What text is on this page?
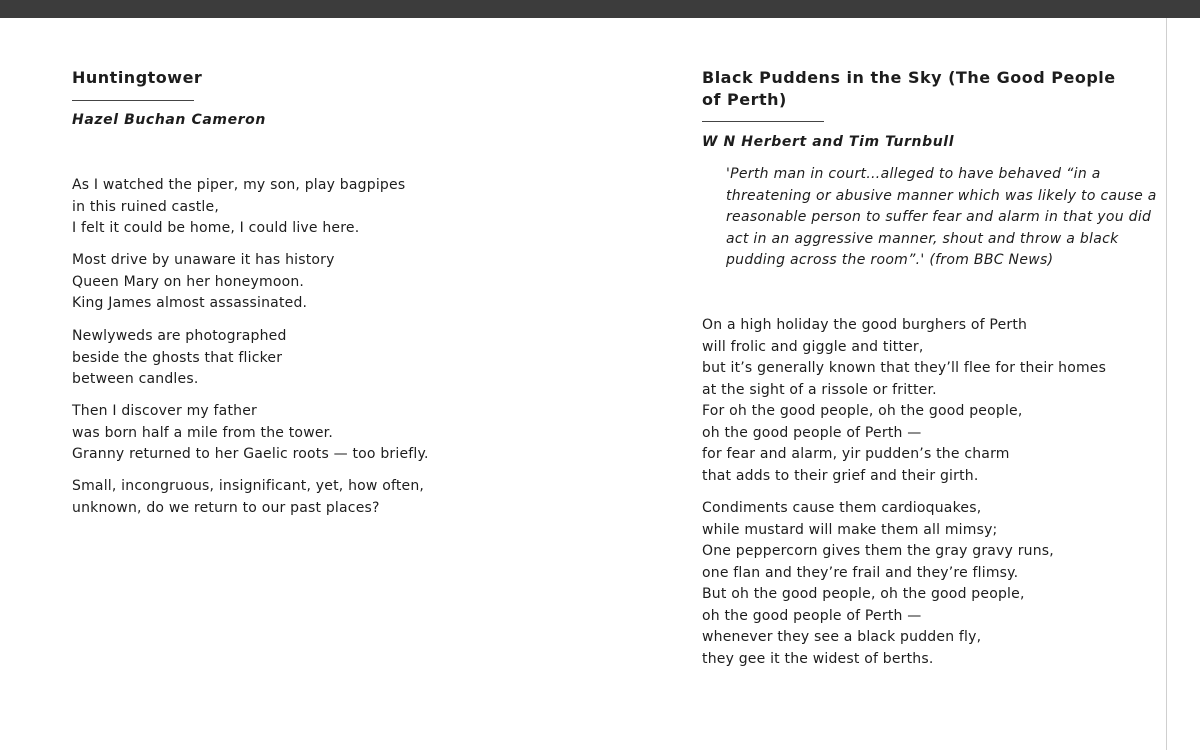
Huntingtower

Hazel Buchan Cameron

As I watched the piper, my son, play bagpipes
in this ruined castle,
I felt it could be home, I could live here.
Most drive by unaware it has history
Queen Mary on her honeymoon.
King James almost assassinated.
Newlyweds are photographed
beside the ghosts that flicker
between candles.
Then I discover my father
was born half a mile from the tower.
Granny returned to her Gaelic roots — too briefly.
Small, incongruous, insignificant, yet, how often,
unknown, do we return to our past places?
Black Puddens in the Sky (The Good People
of Perth)

W N Herbert and Tim Turnbull

'Perth man in court…alleged to have behaved “in a
threatening or abusive manner which was likely to cause a
reasonable person to suffer fear and alarm in that you did
act in an aggressive manner, shout and throw a black
pudding across the room”.' (from BBC News)
On a high holiday the good burghers of Perth
will frolic and giggle and titter,
but it’s generally known that they’ll flee for their homes
at the sight of a rissole or fritter.
For oh the good people, oh the good people,
oh the good people of Perth —
for fear and alarm, yir pudden’s the charm
that adds to their grief and their girth.
Condiments cause them cardioquakes,
while mustard will make them all mimsy;
One peppercorn gives them the gray gravy runs,
one flan and they’re frail and they’re flimsy.
But oh the good people, oh the good people,
oh the good people of Perth —
whenever they see a black pudden fly,
they gee it the widest of berths.
